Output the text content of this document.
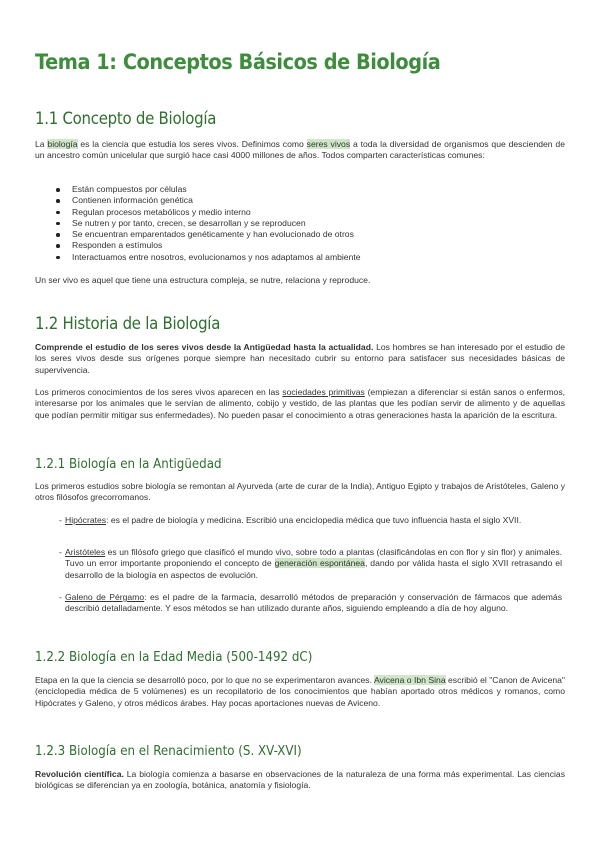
Tema 1: Conceptos Básicos de Biología
1.1 Concepto de Biología

La biología es la ciencia que estudia los seres vivos. Definimos como seres vivos a toda la diversidad de organismos que descienden de un ancestro común unicelular que surgió hace casi 4000 millones de años. Todos comparten características comunes:

Están compuestos por células
Contienen información genética
Regulan procesos metabólicos y medio interno
Se nutren y por tanto, crecen, se desarrollan y se reproducen
Se encuentran emparentados genéticamente y han evolucionado de otros
Responden a estímulos
Interactuamos entre nosotros, evolucionamos y nos adaptamos al ambiente

Un ser vivo es aquel que tiene una estructura compleja, se nutre, relaciona y reproduce.

1.2 Historia de la Biología

Comprende el estudio de los seres vivos desde la Antigüedad hasta la actualidad. Los hombres se han interesado por el estudio de los seres vivos desde sus orígenes porque siempre han necesitado cubrir su entorno para satisfacer sus necesidades básicas de supervivencia.

Los primeros conocimientos de los seres vivos aparecen en las sociedades primitivas (empiezan a diferenciar si están sanos o enfermos, interesarse por los animales que le servían de alimento, cobijo y vestido, de las plantas que les podían servir de alimento y de aquellas que podían permitir mitigar sus enfermedades). No pueden pasar el conocimiento a otras generaciones hasta la aparición de la escritura.

1.2.1 Biología en la Antigüedad

Los primeros estudios sobre biología se remontan al Ayurveda (arte de curar de la India), Antiguo Egipto y trabajos de Aristóteles, Galeno y otros filósofos grecorromanos.

- Hipócrates: es el padre de biología y medicina. Escribió una enciclopedia médica que tuvo influencia hasta el siglo XVII.

- Aristóteles es un filósofo griego que clasificó el mundo vivo, sobre todo a plantas (clasificándolas en con flor y sin flor) y animales. Tuvo un error importante proponiendo el concepto de generación espontánea, dando por válida hasta el siglo XVII retrasando el desarrollo de la biología en aspectos de evolución.

- Galeno de Pérgamo: es el padre de la farmacia, desarrolló métodos de preparación y conservación de fármacos que además describió detalladamente. Y esos métodos se han utilizado durante años, siguiendo empleando a día de hoy alguno.

1.2.2 Biología en la Edad Media (500-1492 dC)

Etapa en la que la ciencia se desarrolló poco, por lo que no se experimentaron avances. Avicena o Ibn Sina escribió el "Canon de Avicena" (enciclopedia médica de 5 volúmenes) es un recopilatorio de los conocimientos que habían aportado otros médicos y romanos, como Hipócrates y Galeno, y otros médicos árabes. Hay pocas aportaciones nuevas de Aviceno.

1.2.3 Biología en el Renacimiento (S. XV-XVI)

Revolución científica. La biología comienza a basarse en observaciones de la naturaleza de una forma más experimental. Las ciencias biológicas se diferencian ya en zoología, botánica, anatomía y fisiología.
